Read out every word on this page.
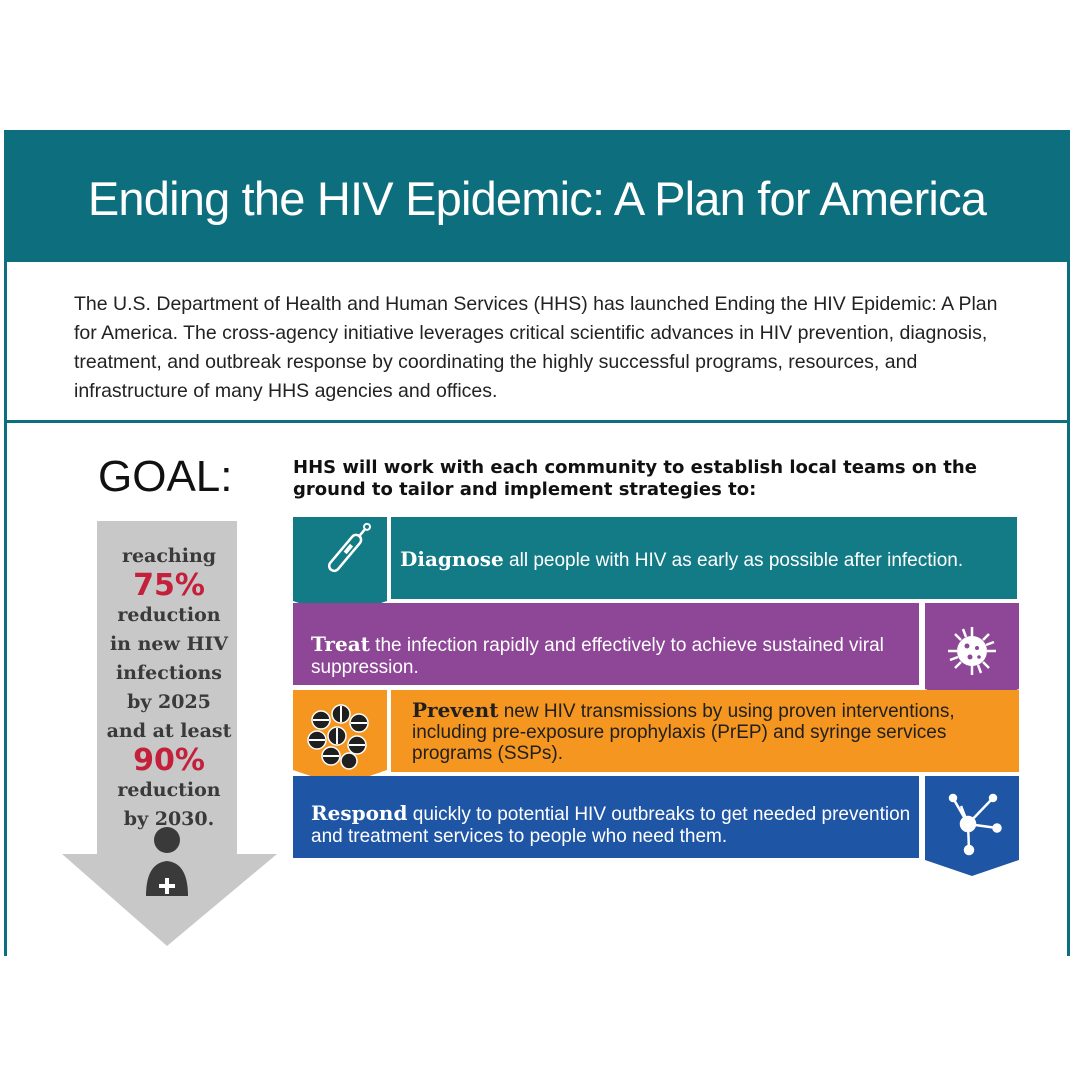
Ending the HIV Epidemic: A Plan for America
The U.S. Department of Health and Human Services (HHS) has launched Ending the HIV Epidemic: A Plan for America. The cross-agency initiative leverages critical scientific advances in HIV prevention, diagnosis, treatment, and outbreak response by coordinating the highly successful programs, resources, and infrastructure of many HHS agencies and offices.
GOAL:
reaching
75%
reduction
in new HIV
infections
by 2025
and at least
90%
reduction
by 2030.
HHS will work with each community to establish local teams on the ground to tailor and implement strategies to:
Diagnose all people with HIV as early as possible after infection.
Treat the infection rapidly and effectively to achieve sustained viral suppression.
Prevent new HIV transmissions by using proven interventions, including pre-exposure prophylaxis (PrEP) and syringe services programs (SSPs).
Respond quickly to potential HIV outbreaks to get needed prevention and treatment services to people who need them.
